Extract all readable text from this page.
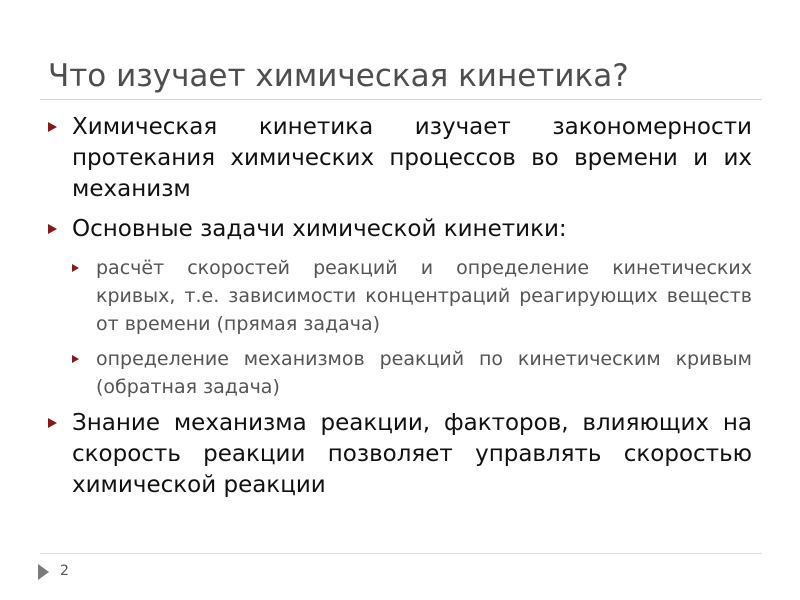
Что изучает химическая кинетика?
Химическая кинетика изучает закономерности протекания химических процессов во времени и их механизм
Основные задачи химической кинетики:
расчёт скоростей реакций и определение кинетических кривых, т.е. зависимости концентраций реагирующих веществ от времени (прямая задача)
определение механизмов реакций по кинетическим кривым (обратная задача)
Знание механизма реакции, факторов, влияющих на скорость реакции позволяет управлять скоростью химической реакции
2
